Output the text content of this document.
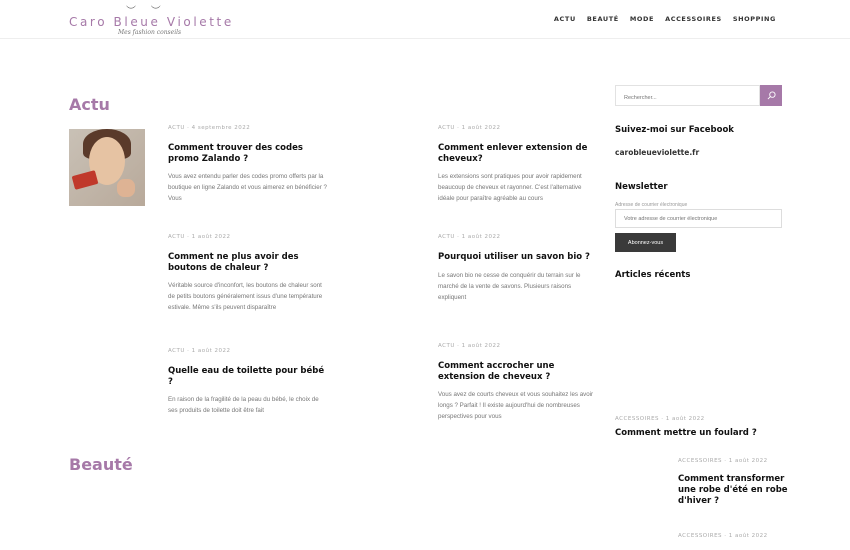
︶ ︶
Caro Bleue Violette
Mes fashion conseils
ACTU BEAUTÉ MODE ACCESSOIRES SHOPPING
Actu
ACTU · 4 septembre 2022
Comment trouver des codes promo Zalando ?

Vous avez entendu parler des codes promo offerts par la boutique en ligne Zalando et vous aimerez en bénéficier ? Vous

ACTU · 1 août 2022
Comment enlever extension de cheveux?

Les extensions sont pratiques pour avoir rapidement beaucoup de cheveux et rayonner. C'est l'alternative idéale pour paraître agréable au cours

ACTU · 1 août 2022
Comment ne plus avoir des boutons de chaleur ?

Véritable source d'inconfort, les boutons de chaleur sont de petits boutons généralement issus d'une température estivale. Même s'ils peuvent disparaître

ACTU · 1 août 2022
Pourquoi utiliser un savon bio ?

Le savon bio ne cesse de conquérir du terrain sur le marché de la vente de savons. Plusieurs raisons expliquent

ACTU · 1 août 2022
Quelle eau de toilette pour bébé ?

En raison de la fragilité de la peau du bébé, le choix de ses produits de toilette doit être fait

ACTU · 1 août 2022
Comment accrocher une extension de cheveux ?

Vous avez de courts cheveux et vous souhaitez les avoir longs ? Parfait ! Il existe aujourd'hui de nombreuses perspectives pour vous

Beauté
Rechercher...
Suivez-moi sur Facebook
carobleueviolette.fr
Newsletter
Adresse de courrier électronique
Votre adresse de courrier électronique
Abonnez-vous
Articles récents
ACCESSOIRES · 1 août 2022
Comment mettre un foulard ?
ACCESSOIRES · 1 août 2022
Comment transformer une robe d'été en robe d'hiver ?
ACCESSOIRES · 1 août 2022
